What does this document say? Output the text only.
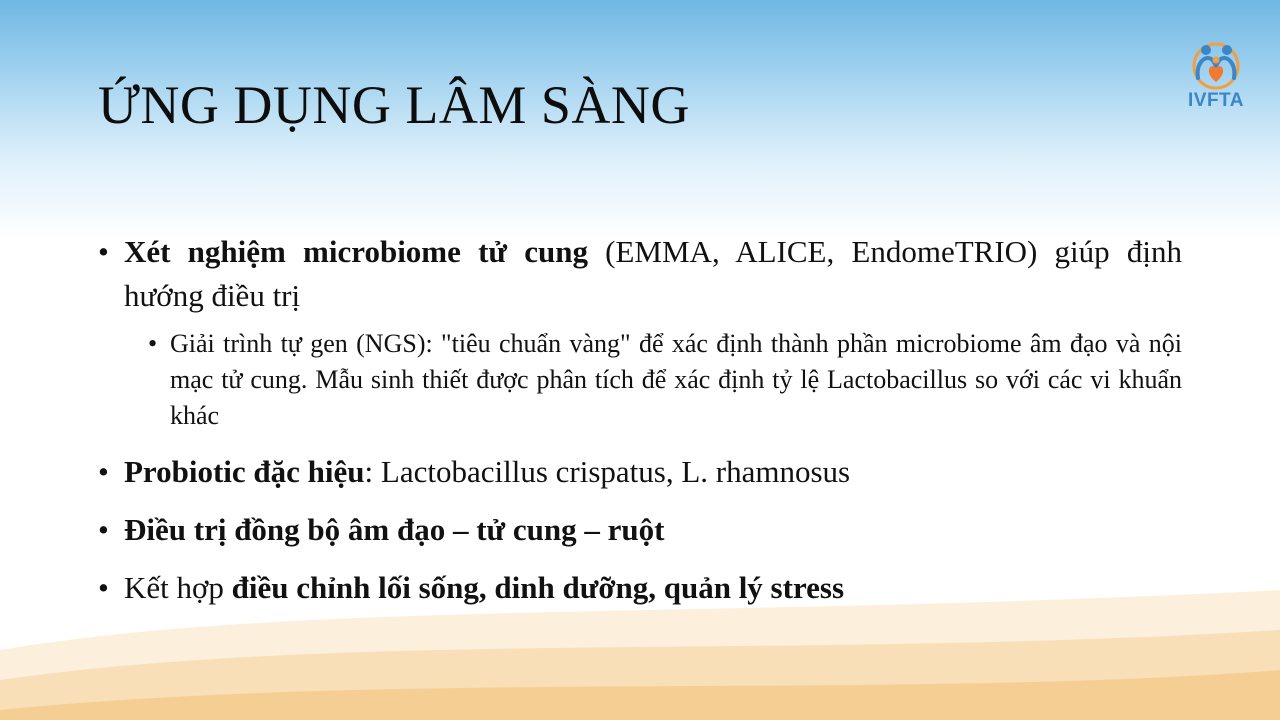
ỨNG DỤNG LÂM SÀNG	IVFTA
• Xét nghiệm microbiome tử cung (EMMA, ALICE, EndomeTRIO) giúp định hướng điều trị
• Giải trình tự gen (NGS): "tiêu chuẩn vàng" để xác định thành phần microbiome âm đạo và nội mạc tử cung. Mẫu sinh thiết được phân tích để xác định tỷ lệ Lactobacillus so với các vi khuẩn khác
• Probiotic đặc hiệu: Lactobacillus crispatus, L. rhamnosus
• Điều trị đồng bộ âm đạo – tử cung – ruột
• Kết hợp điều chỉnh lối sống, dinh dưỡng, quản lý stress
